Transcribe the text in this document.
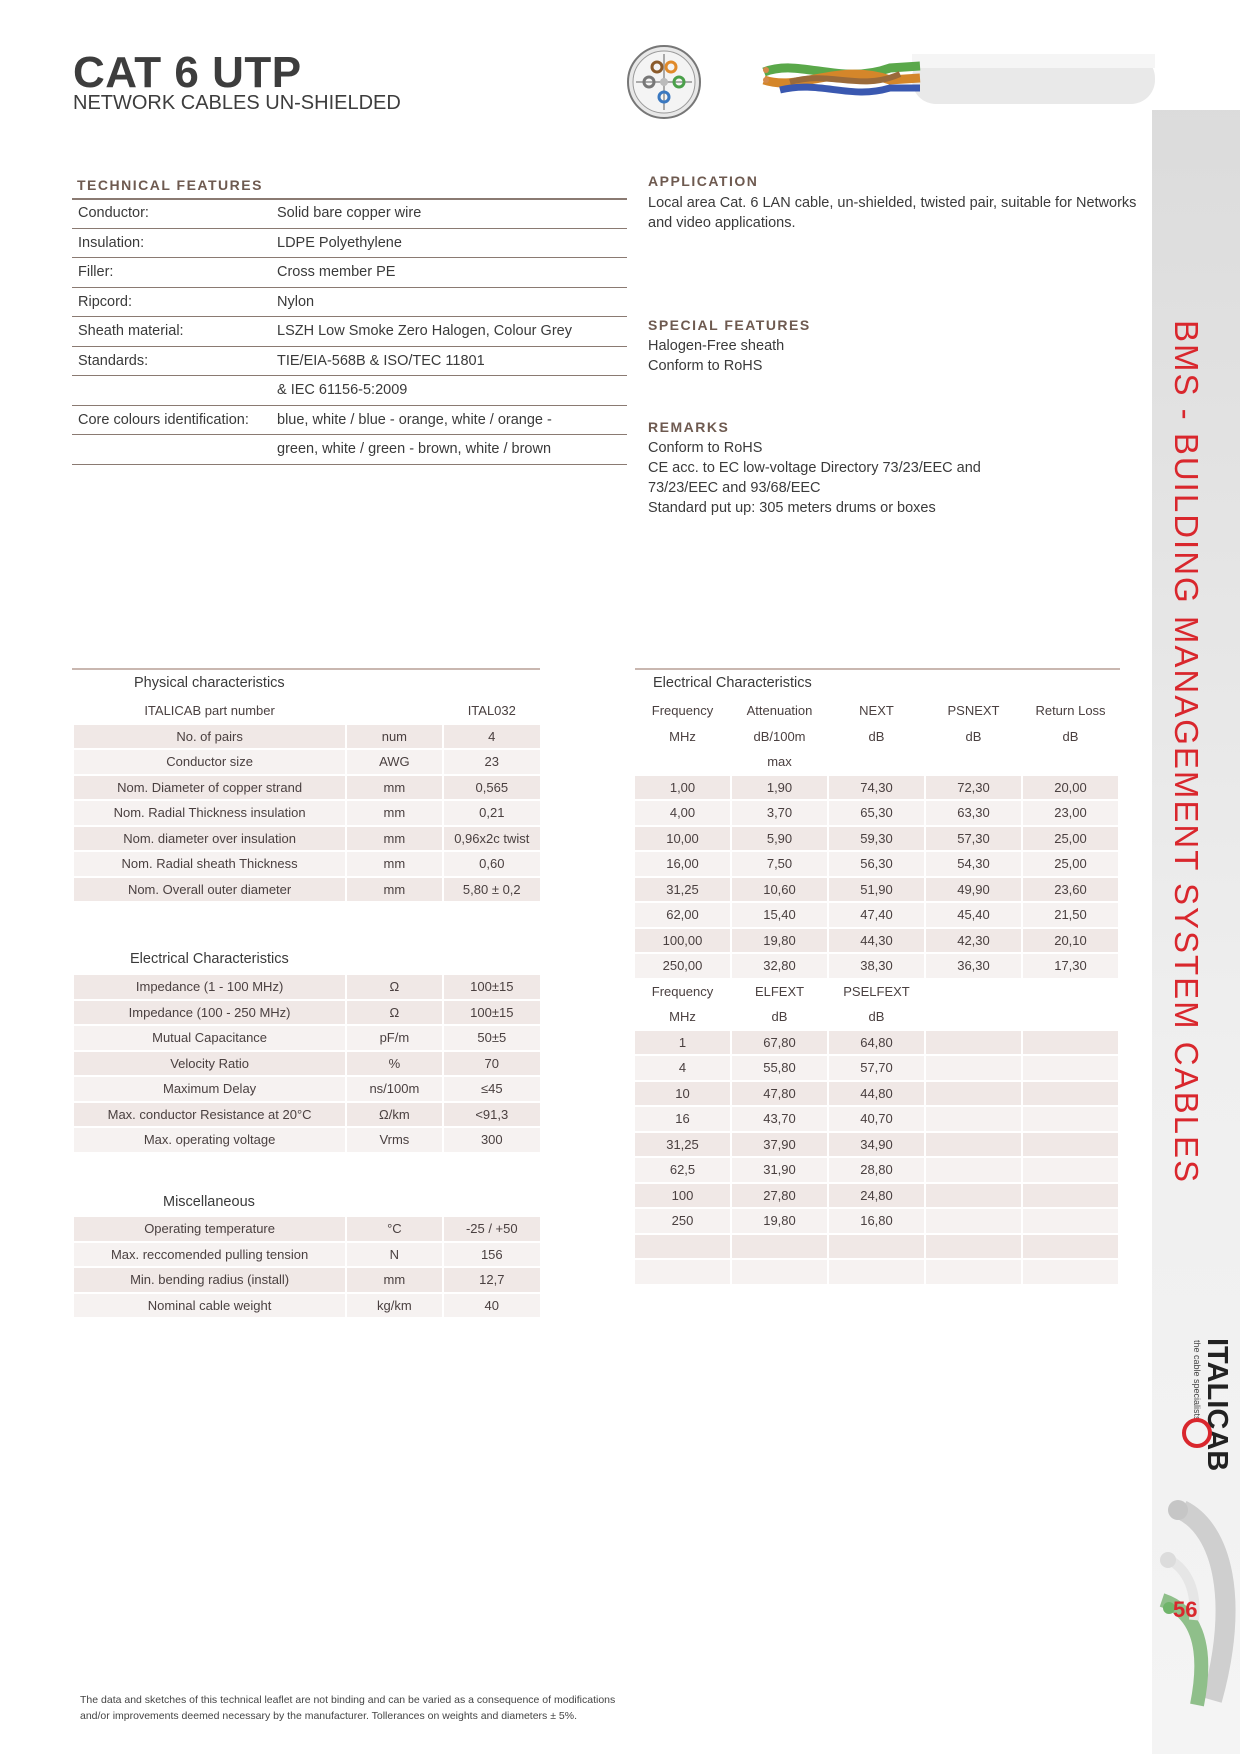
BMS - BUILDING MANAGEMENT SYSTEM CABLES
ITALICAB
the cable specialists
56
CAT 6 UTP
NETWORK CABLES UN-SHIELDED
TECHNICAL FEATURES
Conductor:	Solid bare copper wire
Insulation:	LDPE Polyethylene
Filler:	Cross member PE
Ripcord:	Nylon
Sheath material:	LSZH Low Smoke Zero Halogen, Colour Grey
Standards:	TIE/EIA-568B & ISO/TEC 11801
& IEC 61156-5:2009
Core colours identification: blue, white / blue - orange, white / orange -
green, white / green - brown, white / brown
APPLICATION
Local area Cat. 6 LAN cable, un-shielded, twisted pair, suitable for Networks
and video applications.
SPECIAL FEATURES
Halogen-Free sheath
Conform to RoHS
REMARKS
Conform to RoHS
CE acc. to EC low-voltage Directory 73/23/EEC and
73/23/EEC and 93/68/EEC
Standard put up: 305 meters drums or boxes
Physical characteristics
ITALICAB part number		ITAL032
No. of pairs	num	4
Conductor size	AWG	23
Nom. Diameter of copper strand	mm	0,565
Nom. Radial Thickness insulation	mm	0,21
Nom. diameter over insulation	mm	0,96x2c twist
Nom. Radial sheath Thickness	mm	0,60
Nom. Overall outer diameter	mm	5,80 ± 0,2
Electrical Characteristics
Impedance (1 - 100 MHz)	Ω	100±15
Impedance (100 - 250 MHz)	Ω	100±15
Mutual Capacitance	pF/m	50±5
Velocity Ratio	%	70
Maximum Delay	ns/100m	≤45
Max. conductor Resistance at 20°C	Ω/km	<91,3
Max. operating voltage	Vrms	300
Miscellaneous
Operating temperature	°C	-25 / +50
Max. reccomended pulling tension	N	156
Min. bending radius (install)	mm	12,7
Nominal cable weight	kg/km	40
Electrical Characteristics
Frequency	Attenuation	NEXT	PSNEXT	Return Loss
MHz	dB/100m	dB	dB	dB
	max			
1,00	1,90	74,30	72,30	20,00
4,00	3,70	65,30	63,30	23,00
10,00	5,90	59,30	57,30	25,00
16,00	7,50	56,30	54,30	25,00
31,25	10,60	51,90	49,90	23,60
62,00	15,40	47,40	45,40	21,50
100,00	19,80	44,30	42,30	20,10
250,00	32,80	38,30	36,30	17,30
Frequency	ELFEXT	PSELFEXT		
MHz	dB	dB		
1	67,80	64,80		
4	55,80	57,70		
10	47,80	44,80		
16	43,70	40,70		
31,25	37,90	34,90		
62,5	31,90	28,80		
100	27,80	24,80		
250	19,80	16,80		

The data and sketches of this technical leaflet are not binding and can be varied as a consequence of modifications
and/or improvements deemed necessary by the manufacturer. Tollerances on weights and diameters ± 5%.
